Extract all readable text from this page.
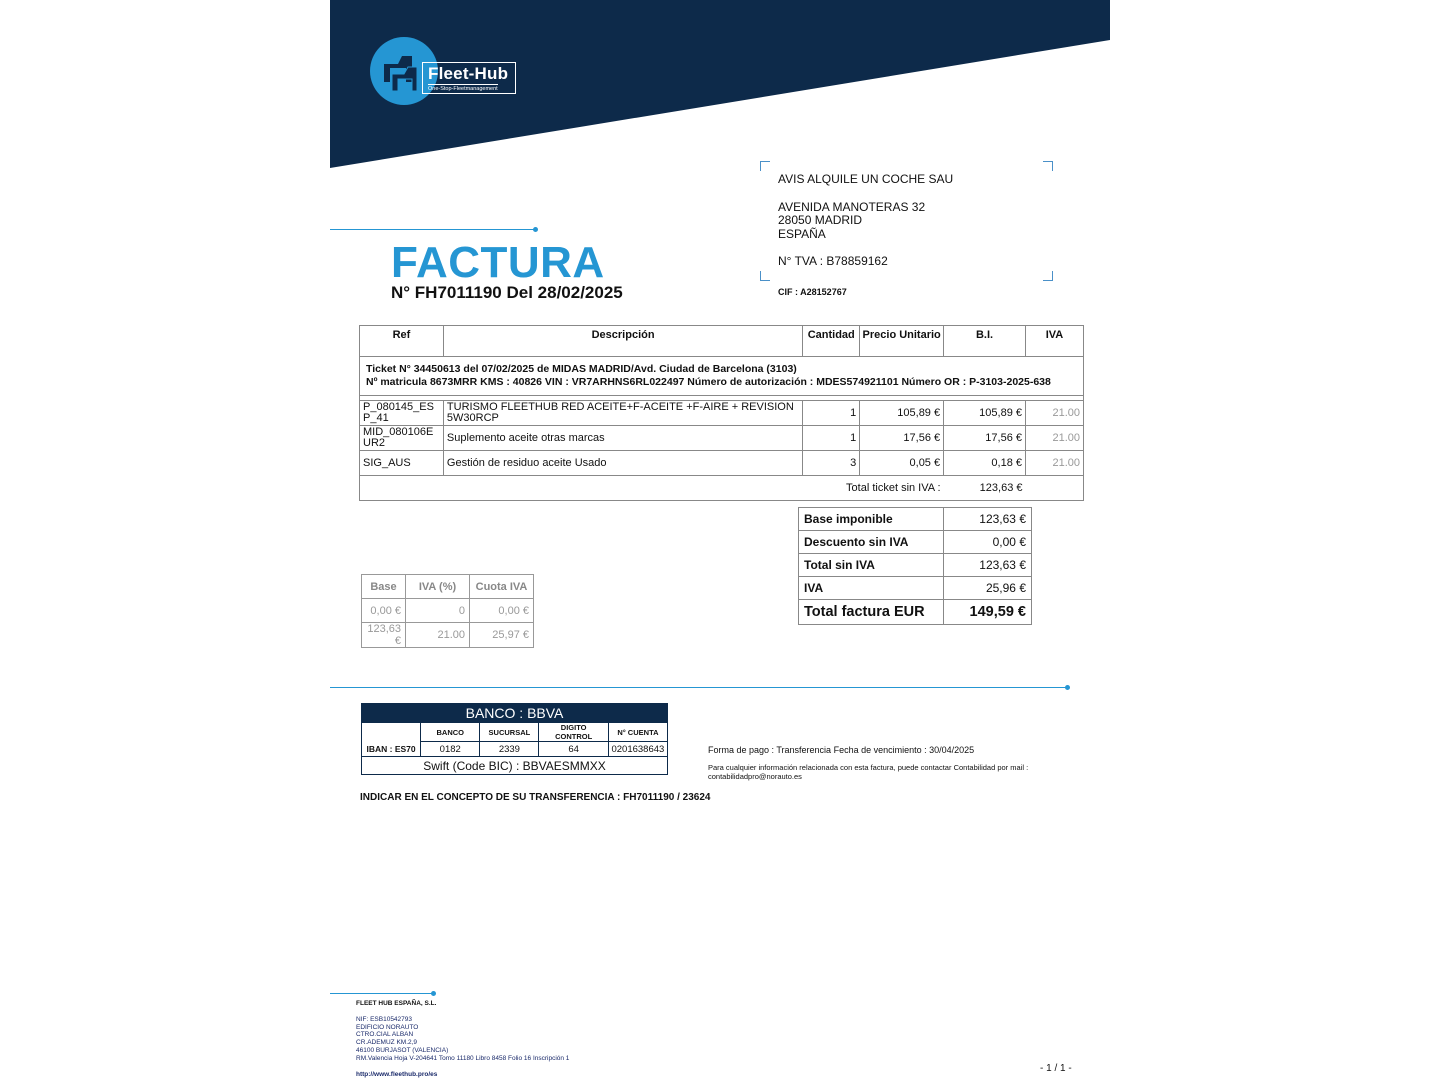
Fleet-Hub
One-Stop-Fleetmanagement
AVIS ALQUILE UN COCHE SAU
AVENIDA MANOTERAS 32
28050 MADRID
ESPAÑA
N° TVA : B78859162
CIF : A28152767
FACTURA
N° FH7011190 Del 28/02/2025
Ref	Descripción	Cantidad	Precio Unitario	B.I.	IVA

Ticket N° 34450613 del 07/02/2025 de MIDAS MADRID/Avd. Ciudad de Barcelona (3103)
Nº matricula 8673MRR KMS : 40826 VIN : VR7ARHNS6RL022497 Número de autorización : MDES574921101 Número OR : P-3103-2025-638					

P_080145_ESP_41	TURISMO FLEETHUB RED ACEITE+F-ACEITE +F-AIRE + REVISION 5W30RCP	1	105,89 €	105,89 €	21.00
MID_080106EUR2	Suplemento aceite otras marcas	1	17,56 €	17,56 €	21.00
SIG_AUS	Gestión de residuo aceite Usado	3	0,05 €	0,18 €	21.00
Total ticket sin IVA :				123,63 €	
Base imponible	123,63 €
Descuento sin IVA	0,00 €
Total sin IVA	123,63 €
IVA	25,96 €
Total factura EUR	149,59 €
Base	IVA (%)	Cuota IVA
0,00 €	0	0,00 €
123,63 €	21.00	25,97 €
BANCO : BBVA				
	BANCO	SUCURSAL	DIGITO CONTROL	N° CUENTA
IBAN : ES70	0182	2339	64	0201638643
Swift (Code BIC) : BBVAESMMXX				
Forma de pago : Transferencia Fecha de vencimiento : 30/04/2025
Para cualquier información relacionada con esta factura, puede contactar Contabilidad por mail : contabilidadpro@norauto.es
INDICAR EN EL CONCEPTO DE SU TRANSFERENCIA : FH7011190 / 23624
FLEET HUB ESPAÑA, S.L.
NIF: ESB10542793
EDIFICIO NORAUTO
CTRO.CIAL ALBAN
CR.ADEMUZ KM.2,9
46100 BURJASOT (VALENCIA)
RM.Valencia Hoja V-204641 Tomo 11180 Libro 8458 Folio 16 Inscripción 1
http://www.fleethub.pro/es
- 1 / 1 -
